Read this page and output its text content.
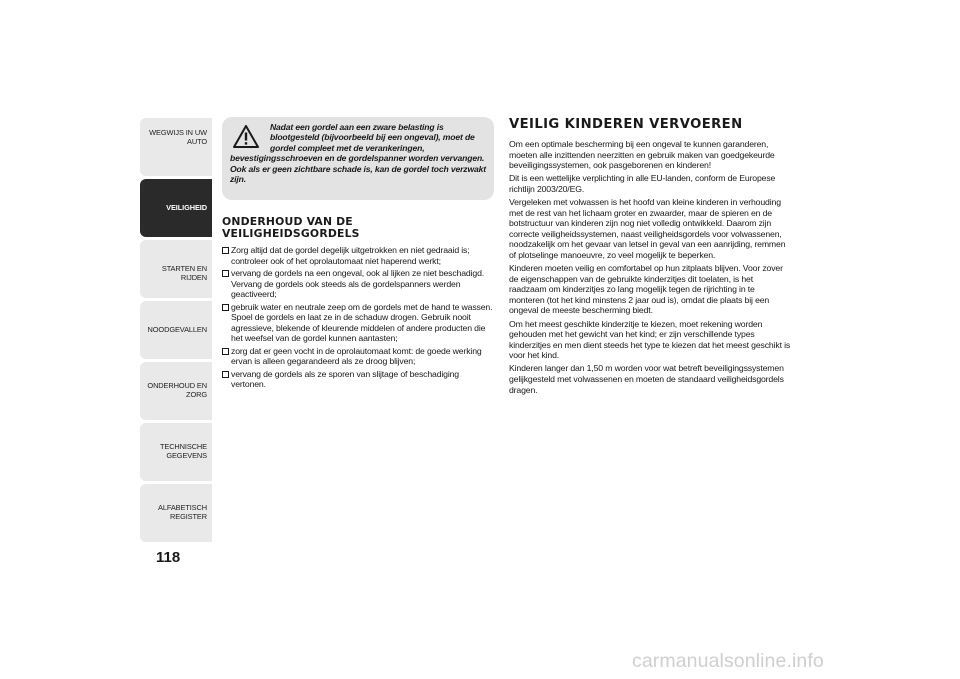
WEGWIJS IN UW AUTO
VEILIGHEID
STARTEN EN RIJDEN
NOODGEVALLEN
ONDERHOUD EN ZORG
TECHNISCHE GEGEVENS
ALFABETISCH REGISTER
118
Nadat een gordel aan een zware belasting is blootgesteld (bijvoorbeeld bij een ongeval), moet de gordel compleet met de verankeringen,
bevestigingsschroeven en de gordelspanner worden vervangen. Ook als er geen zichtbare schade is, kan de gordel toch verzwakt zijn.
ONDERHOUD VAN DE VEILIGHEIDSGORDELS
Zorg altijd dat de gordel degelijk uitgetrokken en niet gedraaid is; controleer ook of het oprolautomaat niet haperend werkt;
vervang de gordels na een ongeval, ook al lijken ze niet beschadigd. Vervang de gordels ook steeds als de gordelspanners werden geactiveerd;
gebruik water en neutrale zeep om de gordels met de hand te wassen. Spoel de gordels en laat ze in de schaduw drogen. Gebruik nooit agressieve, blekende of kleurende middelen of andere producten die het weefsel van de gordel kunnen aantasten;
zorg dat er geen vocht in de oprolautomaat komt: de goede werking ervan is alleen gegarandeerd als ze droog blijven;
vervang de gordels als ze sporen van slijtage of beschadiging vertonen.
VEILIG KINDEREN VERVOEREN

Om een optimale bescherming bij een ongeval te kunnen garanderen, moeten alle inzittenden neerzitten en gebruik maken van goedgekeurde beveiligingssystemen, ook pasgeborenen en kinderen!

Dit is een wettelijke verplichting in alle EU-landen, conform de Europese richtlijn 2003/20/EG.

Vergeleken met volwassen is het hoofd van kleine kinderen in verhouding met de rest van het lichaam groter en zwaarder, maar de spieren en de botstructuur van kinderen zijn nog niet volledig ontwikkeld. Daarom zijn correcte veiligheidssystemen, naast veiligheidsgordels voor volwassenen, noodzakelijk om het gevaar van letsel in geval van een aanrijding, remmen of plotselinge manoeuvre, zo veel mogelijk te beperken.

Kinderen moeten veilig en comfortabel op hun zitplaats blijven. Voor zover de eigenschappen van de gebruikte kinderzitjes dit toelaten, is het raadzaam om kinderzitjes zo lang mogelijk tegen de rijrichting in te monteren (tot het kind minstens 2 jaar oud is), omdat die plaats bij een ongeval de meeste bescherming biedt.

Om het meest geschikte kinderzitje te kiezen, moet rekening worden gehouden met het gewicht van het kind; er zijn verschillende types kinderzitjes en men dient steeds het type te kiezen dat het meest geschikt is voor het kind.

Kinderen langer dan 1,50 m worden voor wat betreft beveiligingssystemen gelijkgesteld met volwassenen en moeten de standaard veiligheidsgordels dragen.

carmanualsonline.info
